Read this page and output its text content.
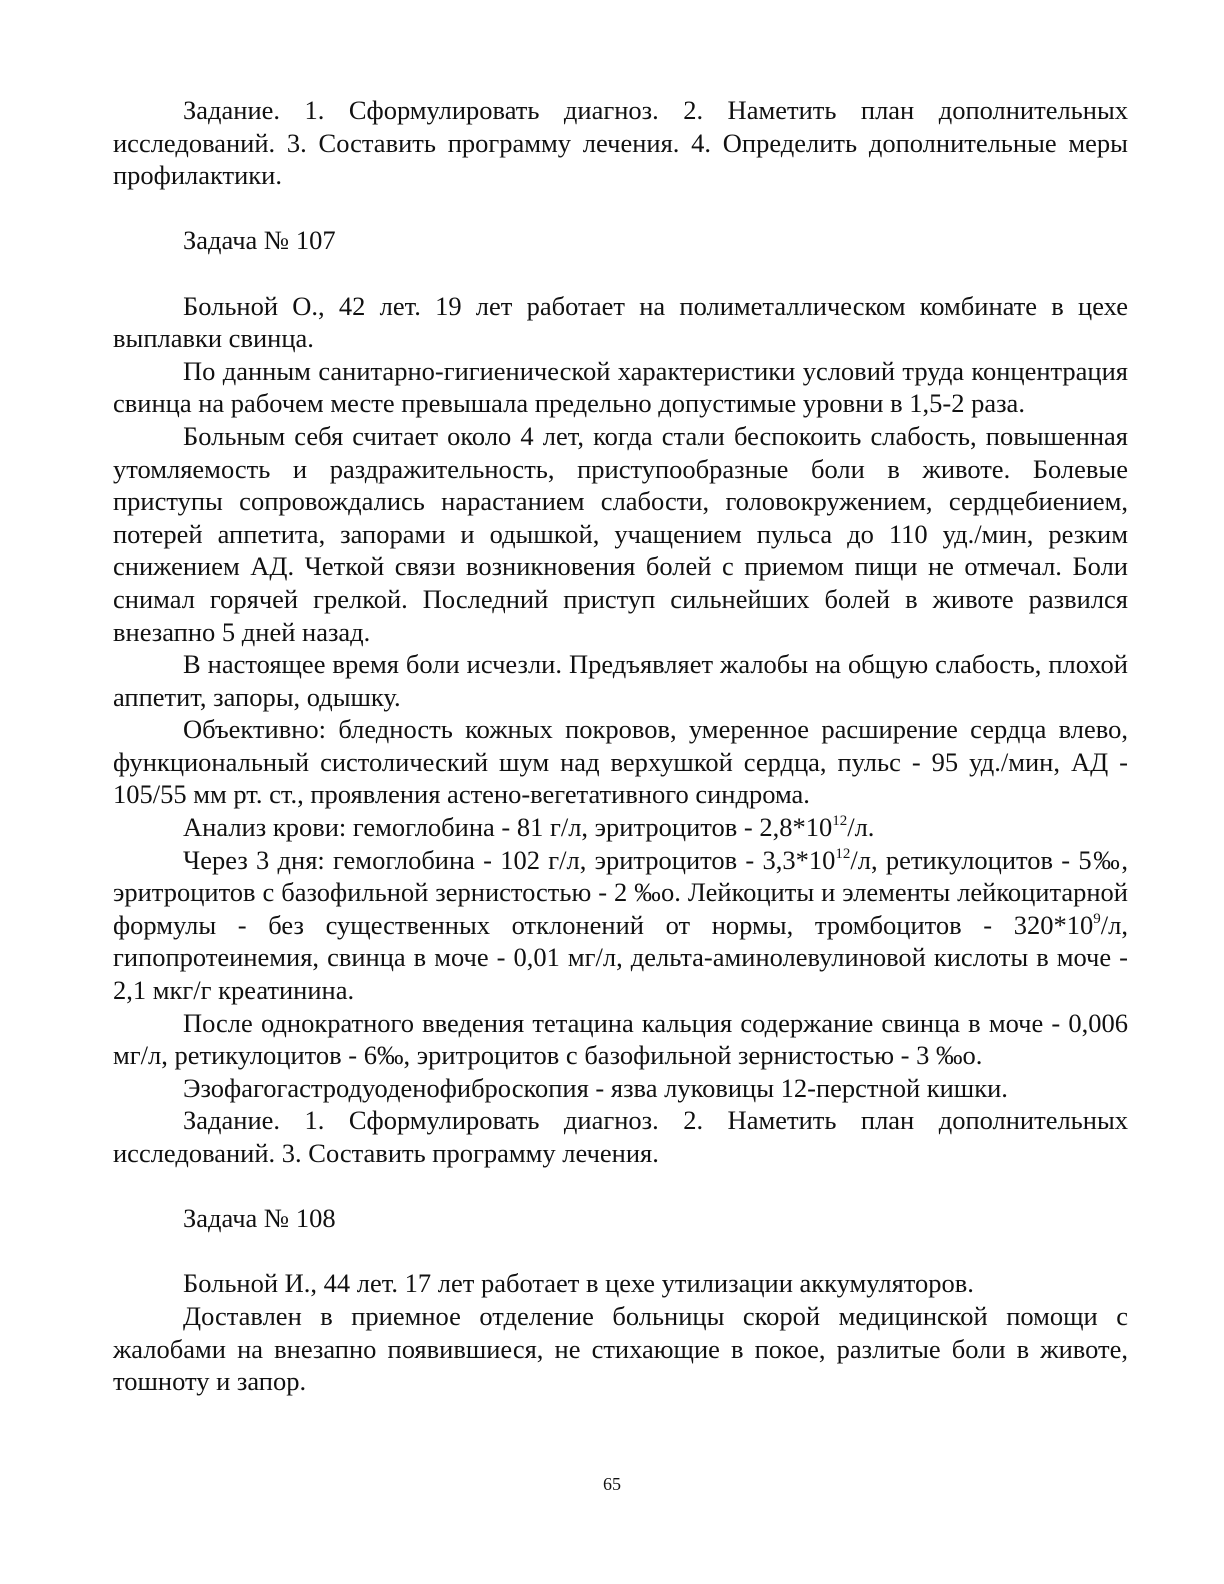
Задание. 1. Сформулировать диагноз. 2. Наметить план дополнительных исследований. 3. Составить программу лечения. 4. Определить дополнительные меры профилактики.

Задача № 107

Больной О., 42 лет. 19 лет работает на полиметаллическом комбинате в цехе выплавки свинца.

По данным санитарно-гигиенической характеристики условий труда концентрация свинца на рабочем месте превышала предельно допустимые уровни в 1,5-2 раза.

Больным себя считает около 4 лет, когда стали беспокоить слабость, повышенная утомляемость и раздражительность, приступообразные боли в животе. Болевые приступы сопровождались нарастанием слабости, головокружением, сердцебиением, потерей аппетита, запорами и одышкой, учащением пульса до 110 уд./мин, резким снижением АД. Четкой связи возникновения болей с приемом пищи не отмечал. Боли снимал горячей грелкой. Последний приступ сильнейших болей в животе развился внезапно 5 дней назад.

В настоящее время боли исчезли. Предъявляет жалобы на общую слабость, плохой аппетит, запоры, одышку.

Объективно: бледность кожных покровов, умеренное расширение сердца влево, функциональный систолический шум над верхушкой сердца, пульс - 95 уд./мин, АД - 105/55 мм рт. ст., проявления астено-вегетативного синдрома.

Анализ крови: гемоглобина - 81 г/л, эритроцитов - $2,8*10^{12}/л$.

Через 3 дня: гемоглобина - 102 г/л, эритроцитов - $3,3*10^{12}/л$, ретикулоцитов - 5‰, эритроцитов с базофильной зернистостью - 2 ‰о. Лейкоциты и элементы лейкоцитарной формулы - без существенных отклонений от нормы, тромбоцитов - $320*10^9/л$, гипопротеинемия, свинца в моче - 0,01 мг/л, дельта-аминолевулиновой кислоты в моче - 2,1 мкг/г креатинина.

После однократного введения тетацина кальция содержание свинца в моче - 0,006 мг/л, ретикулоцитов - 6‰, эритроцитов с базофильной зернистостью - 3 ‰о.

Эзофагогастродуоденофиброскопия - язва луковицы 12-перстной кишки.

Задание. 1. Сформулировать диагноз. 2. Наметить план дополнительных исследований. 3. Составить программу лечения.

Задача № 108

Больной И., 44 лет. 17 лет работает в цехе утилизации аккумуляторов.

Доставлен в приемное отделение больницы скорой медицинской помощи с жалобами на внезапно появившиеся, не стихающие в покое, разлитые боли в животе, тошноту и запор.

65
